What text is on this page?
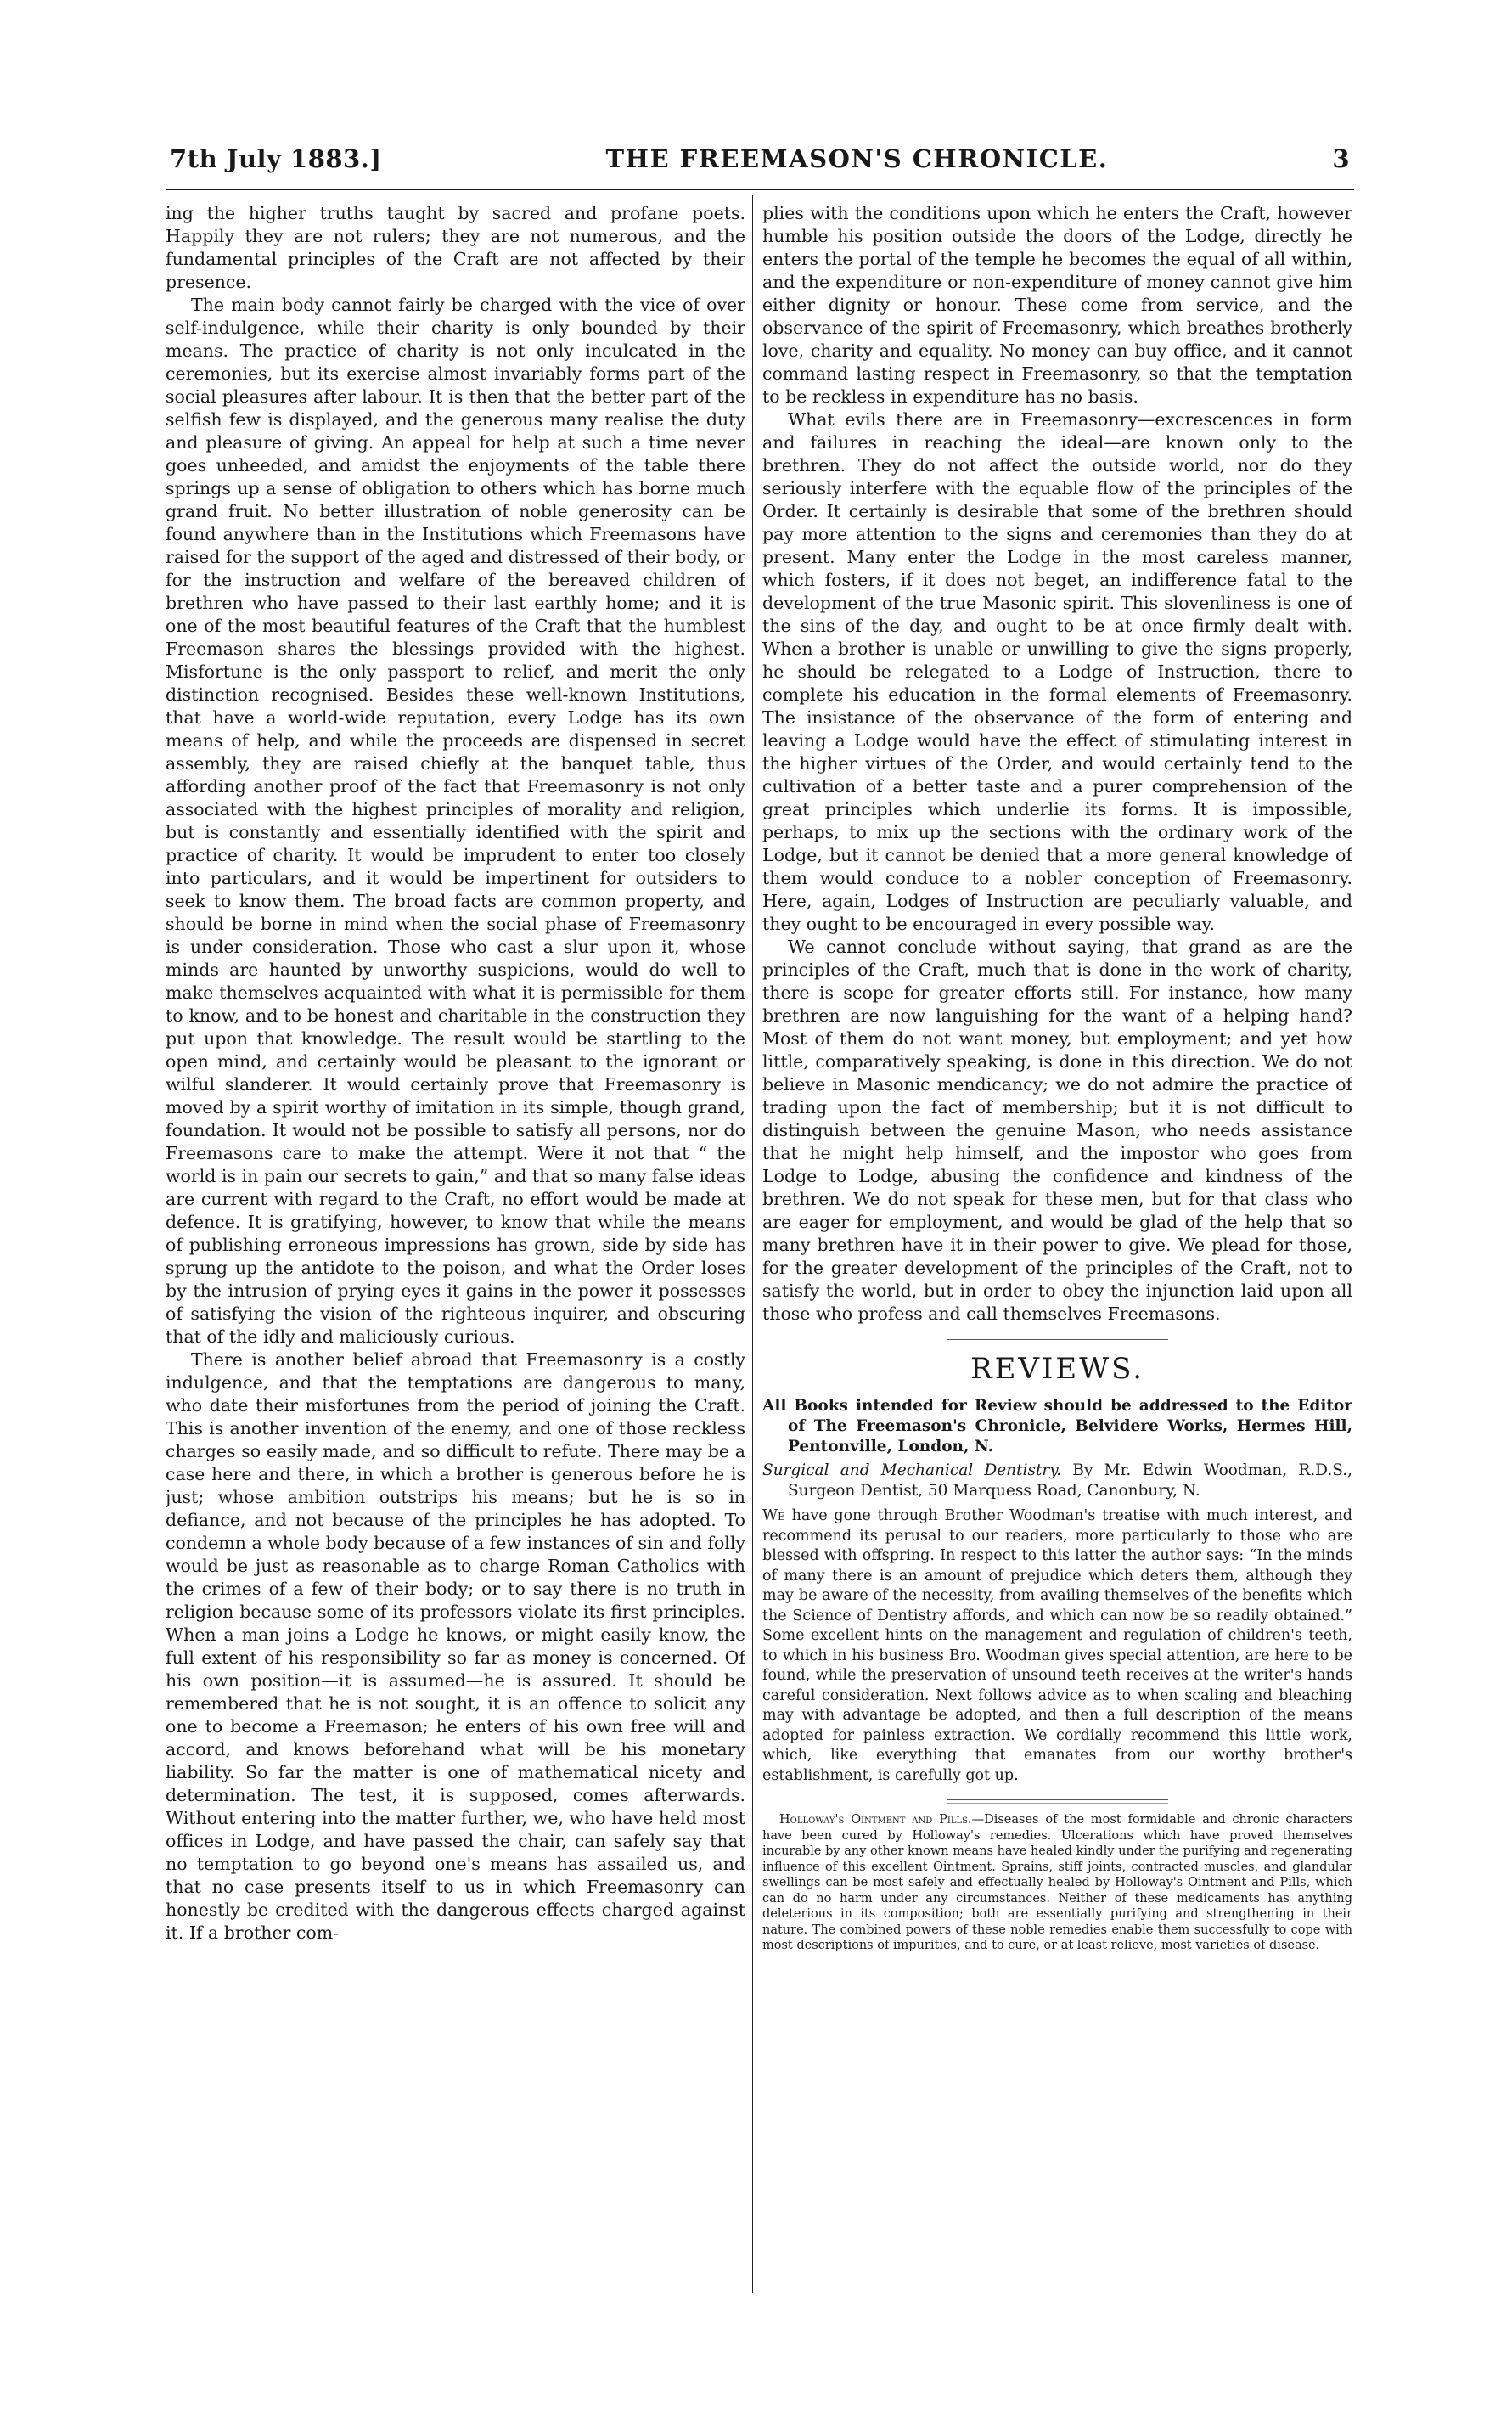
7th July 1883.]	THE FREEMASON'S CHRONICLE.	3

ing the higher truths taught by sacred and profane poets. Happily they are not rulers; they are not numerous, and the fundamental principles of the Craft are not affected by their presence.

The main body cannot fairly be charged with the vice of over self-indulgence, while their charity is only bounded by their means. The practice of charity is not only inculcated in the ceremonies, but its exercise almost invariably forms part of the social pleasures after labour. It is then that the better part of the selfish few is displayed, and the generous many realise the duty and pleasure of giving. An appeal for help at such a time never goes unheeded, and amidst the enjoyments of the table there springs up a sense of obligation to others which has borne much grand fruit. No better illustration of noble generosity can be found anywhere than in the Institutions which Freemasons have raised for the support of the aged and distressed of their body, or for the instruction and welfare of the bereaved children of brethren who have passed to their last earthly home; and it is one of the most beautiful features of the Craft that the humblest Freemason shares the blessings provided with the highest. Misfortune is the only passport to relief, and merit the only distinction recognised. Besides these well-known Institutions, that have a world-wide reputation, every Lodge has its own means of help, and while the proceeds are dispensed in secret assembly, they are raised chiefly at the banquet table, thus affording another proof of the fact that Freemasonry is not only associated with the highest principles of morality and religion, but is constantly and essentially identified with the spirit and practice of charity. It would be imprudent to enter too closely into particulars, and it would be impertinent for outsiders to seek to know them. The broad facts are common property, and should be borne in mind when the social phase of Freemasonry is under consideration. Those who cast a slur upon it, whose minds are haunted by unworthy suspicions, would do well to make themselves acquainted with what it is permissible for them to know, and to be honest and charitable in the construction they put upon that knowledge. The result would be startling to the open mind, and certainly would be pleasant to the ignorant or wilful slanderer. It would certainly prove that Freemasonry is moved by a spirit worthy of imitation in its simple, though grand, foundation. It would not be possible to satisfy all persons, nor do Freemasons care to make the attempt. Were it not that “ the world is in pain our secrets to gain,” and that so many false ideas are current with regard to the Craft, no effort would be made at defence. It is gratifying, however, to know that while the means of publishing erroneous impressions has grown, side by side has sprung up the antidote to the poison, and what the Order loses by the intrusion of prying eyes it gains in the power it possesses of satisfying the vision of the righteous inquirer, and obscuring that of the idly and maliciously curious.

There is another belief abroad that Freemasonry is a costly indulgence, and that the temptations are dangerous to many, who date their misfortunes from the period of joining the Craft. This is another invention of the enemy, and one of those reckless charges so easily made, and so difficult to refute. There may be a case here and there, in which a brother is generous before he is just; whose ambition outstrips his means; but he is so in defiance, and not because of the principles he has adopted. To condemn a whole body because of a few instances of sin and folly would be just as reasonable as to charge Roman Catholics with the crimes of a few of their body; or to say there is no truth in religion because some of its professors violate its first principles. When a man joins a Lodge he knows, or might easily know, the full extent of his responsibility so far as money is concerned. Of his own position—it is assumed—he is assured. It should be remembered that he is not sought, it is an offence to solicit any one to become a Freemason; he enters of his own free will and accord, and knows beforehand what will be his monetary liability. So far the matter is one of mathematical nicety and determination. The test, it is supposed, comes afterwards. Without entering into the matter further, we, who have held most offices in Lodge, and have passed the chair, can safely say that no temptation to go beyond one's means has assailed us, and that no case presents itself to us in which Freemasonry can honestly be credited with the dangerous effects charged against it. If a brother com-

plies with the conditions upon which he enters the Craft, however humble his position outside the doors of the Lodge, directly he enters the portal of the temple he becomes the equal of all within, and the expenditure or non-expenditure of money cannot give him either dignity or honour. These come from service, and the observance of the spirit of Freemasonry, which breathes brotherly love, charity and equality. No money can buy office, and it cannot command lasting respect in Freemasonry, so that the temptation to be reckless in expenditure has no basis.

What evils there are in Freemasonry—excrescences in form and failures in reaching the ideal—are known only to the brethren. They do not affect the outside world, nor do they seriously interfere with the equable flow of the principles of the Order. It certainly is desirable that some of the brethren should pay more attention to the signs and ceremonies than they do at present. Many enter the Lodge in the most careless manner, which fosters, if it does not beget, an indifference fatal to the development of the true Masonic spirit. This slovenliness is one of the sins of the day, and ought to be at once firmly dealt with. When a brother is unable or unwilling to give the signs properly, he should be relegated to a Lodge of Instruction, there to complete his education in the formal elements of Freemasonry. The insistance of the observance of the form of entering and leaving a Lodge would have the effect of stimulating interest in the higher virtues of the Order, and would certainly tend to the cultivation of a better taste and a purer comprehension of the great principles which underlie its forms. It is impossible, perhaps, to mix up the sections with the ordinary work of the Lodge, but it cannot be denied that a more general knowledge of them would conduce to a nobler conception of Freemasonry. Here, again, Lodges of Instruction are peculiarly valuable, and they ought to be encouraged in every possible way.

We cannot conclude without saying, that grand as are the principles of the Craft, much that is done in the work of charity, there is scope for greater efforts still. For instance, how many brethren are now languishing for the want of a helping hand? Most of them do not want money, but employment; and yet how little, comparatively speaking, is done in this direction. We do not believe in Masonic mendicancy; we do not admire the practice of trading upon the fact of membership; but it is not difficult to distinguish between the genuine Mason, who needs assistance that he might help himself, and the impostor who goes from Lodge to Lodge, abusing the confidence and kindness of the brethren. We do not speak for these men, but for that class who are eager for employment, and would be glad of the help that so many brethren have it in their power to give. We plead for those, for the greater development of the principles of the Craft, not to satisfy the world, but in order to obey the injunction laid upon all those who profess and call themselves Freemasons.

REVIEWS.

All Books intended for Review should be addressed to the Editor of The Freemason's Chronicle, Belvidere Works, Hermes Hill, Pentonville, London, N.

Surgical and Mechanical Dentistry. By Mr. Edwin Woodman, R.D.S., Surgeon Dentist, 50 Marquess Road, Canonbury, N.

We have gone through Brother Woodman's treatise with much interest, and recommend its perusal to our readers, more particularly to those who are blessed with offspring. In respect to this latter the author says: “In the minds of many there is an amount of prejudice which deters them, although they may be aware of the necessity, from availing themselves of the benefits which the Science of Dentistry affords, and which can now be so readily obtained.” Some excellent hints on the management and regulation of children's teeth, to which in his business Bro. Woodman gives special attention, are here to be found, while the preservation of unsound teeth receives at the writer's hands careful consideration. Next follows advice as to when scaling and bleaching may with advantage be adopted, and then a full description of the means adopted for painless extraction. We cordially recommend this little work, which, like everything that emanates from our worthy brother's establishment, is carefully got up.

Holloway's Ointment and Pills.—Diseases of the most formidable and chronic characters have been cured by Holloway's remedies. Ulcerations which have proved themselves incurable by any other known means have healed kindly under the purifying and regenerating influence of this excellent Ointment. Sprains, stiff joints, contracted muscles, and glandular swellings can be most safely and effectually healed by Holloway's Ointment and Pills, which can do no harm under any circumstances. Neither of these medicaments has anything deleterious in its composition; both are essentially purifying and strengthening in their nature. The combined powers of these noble remedies enable them successfully to cope with most descriptions of impurities, and to cure, or at least relieve, most varieties of disease.
